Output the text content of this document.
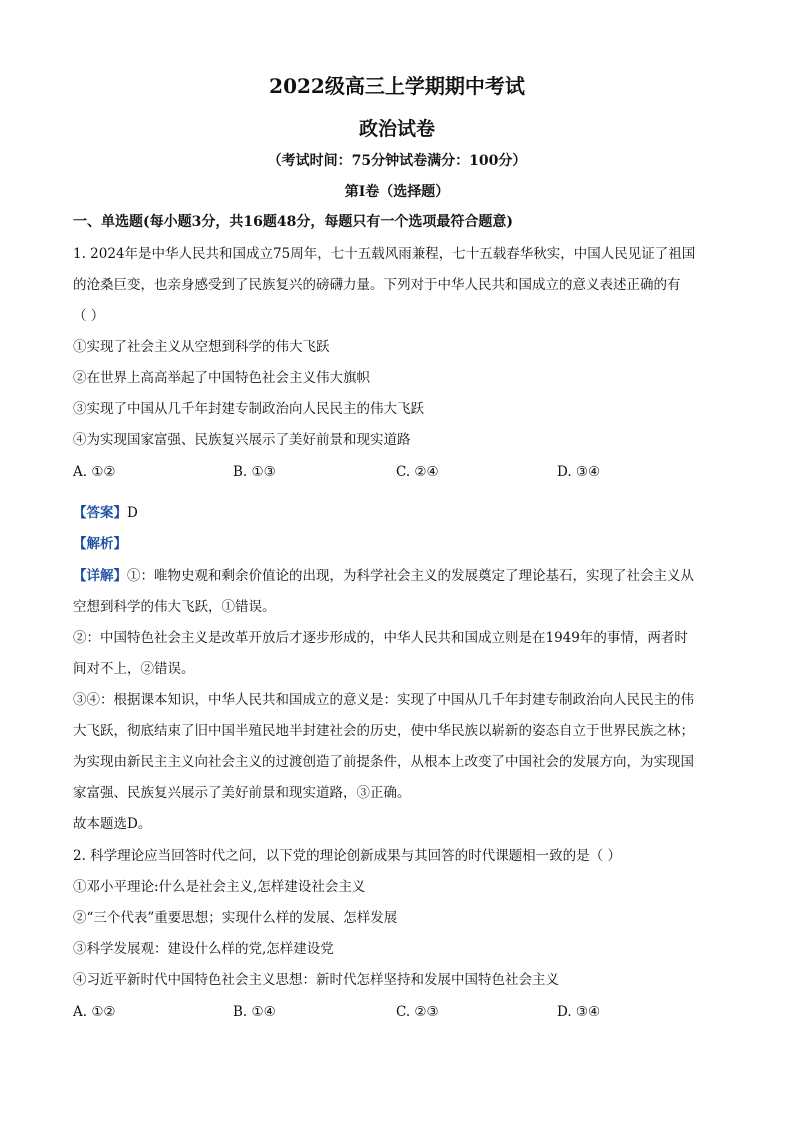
2022级高三上学期期中考试
政治试卷
（考试时间：75分钟试卷满分：100分）
第Ⅰ卷（选择题）
一、单选题(每小题3分，共16题48分，每题只有一个选项最符合题意)
1. 2024年是中华人民共和国成立75周年，七十五载风雨兼程，七十五载春华秋实，中国人民见证了祖国
的沧桑巨变，也亲身感受到了民族复兴的磅礴力量。下列对于中华人民共和国成立的意义表述正确的有
（ ）
①实现了社会主义从空想到科学的伟大飞跃
②在世界上高高举起了中国特色社会主义伟大旗帜
③实现了中国从几千年封建专制政治向人民民主的伟大飞跃
④为实现国家富强、民族复兴展示了美好前景和现实道路
A. ①②	B. ①③	C. ②④	D. ③④
【答案】D
【解析】
【详解】①：唯物史观和剩余价值论的出现，为科学社会主义的发展奠定了理论基石，实现了社会主义从
空想到科学的伟大飞跃，①错误。
②：中国特色社会主义是改革开放后才逐步形成的，中华人民共和国成立则是在1949年的事情，两者时
间对不上，②错误。
③④：根据课本知识，中华人民共和国成立的意义是：实现了中国从几千年封建专制政治向人民民主的伟
大飞跃，彻底结束了旧中国半殖民地半封建社会的历史，使中华民族以崭新的姿态自立于世界民族之林；
为实现由新民主主义向社会主义的过渡创造了前提条件，从根本上改变了中国社会的发展方向，为实现国
家富强、民族复兴展示了美好前景和现实道路，③正确。
故本题选D。
2. 科学理论应当回答时代之问，以下党的理论创新成果与其回答的时代课题相一致的是（ ）
①邓小平理论:什么是社会主义,怎样建设社会主义
②“三个代表”重要思想；实现什么样的发展、怎样发展
③科学发展观：建设什么样的党,怎样建设党
④习近平新时代中国特色社会主义思想：新时代怎样坚持和发展中国特色社会主义
A. ①②	B. ①④	C. ②③	D. ③④
